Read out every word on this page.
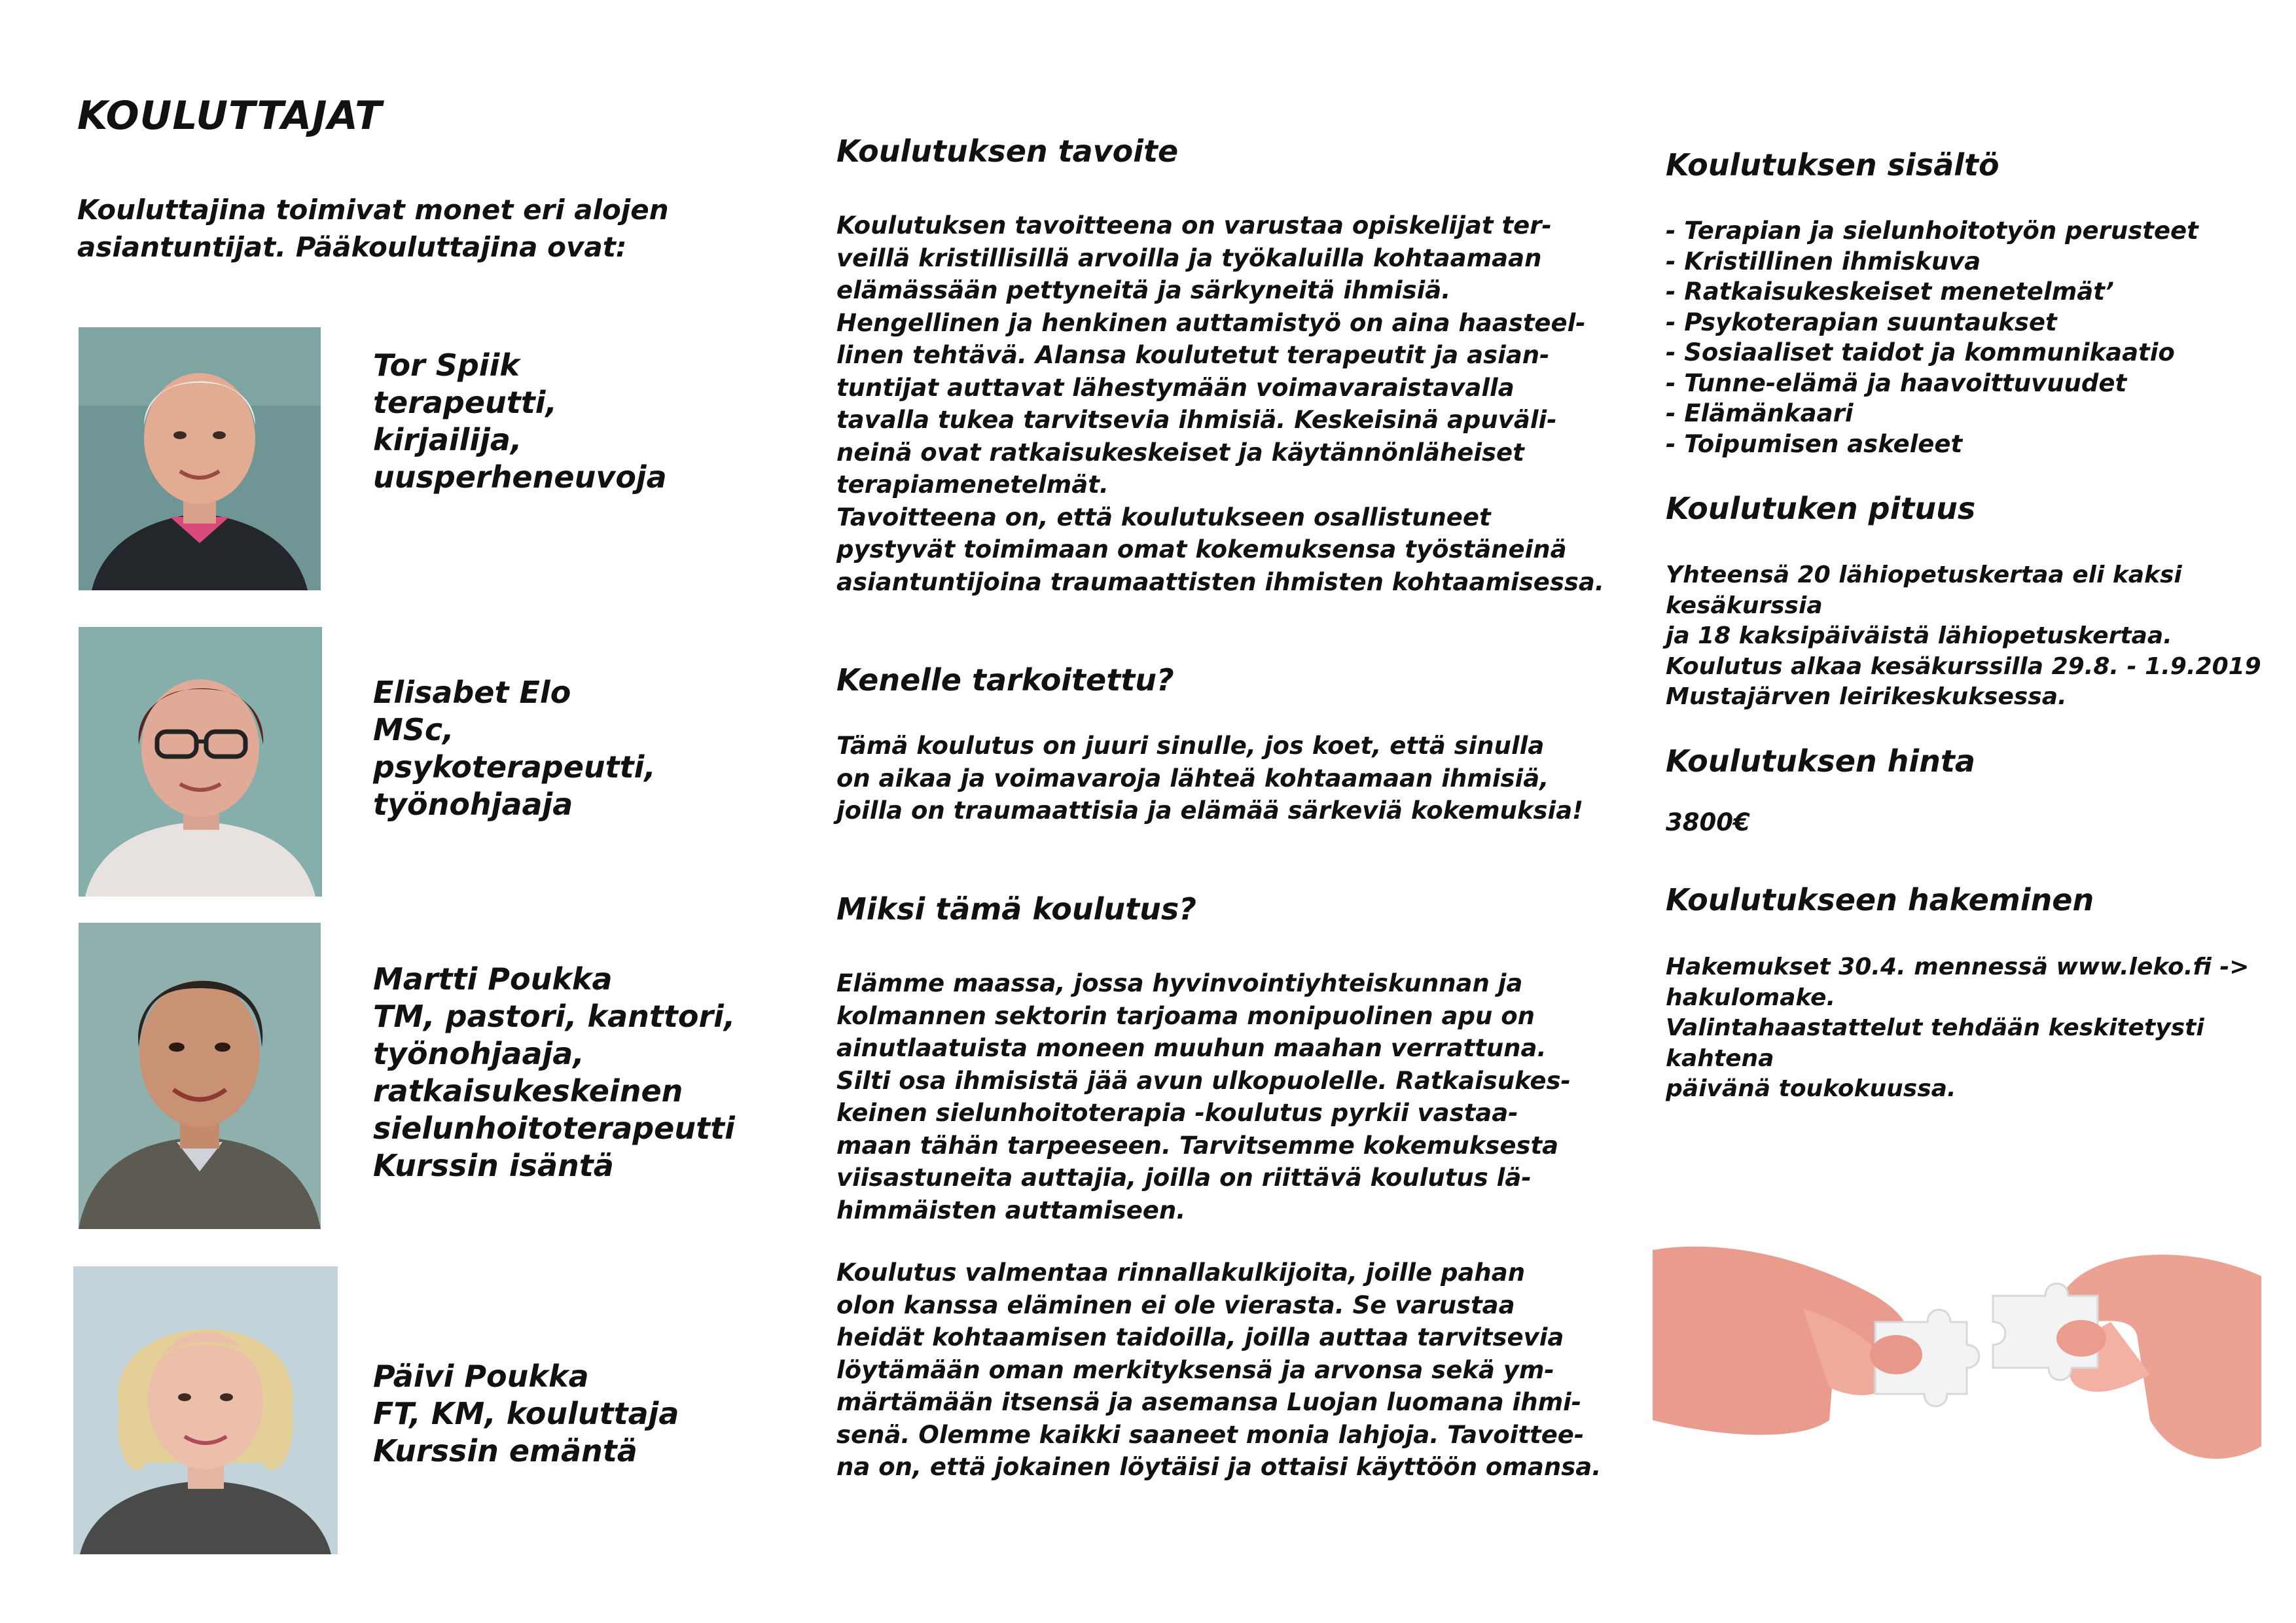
KOULUTTAJAT
Kouluttajina toimivat monet eri alojen
asiantuntijat. Pääkouluttajina ovat:
Tor Spiik
terapeutti,
kirjailija,
uusperheneuvoja
Elisabet Elo
MSc,
psykoterapeutti,
työnohjaaja
Martti Poukka
TM, pastori, kanttori,
työnohjaaja,
ratkaisukeskeinen
sielunhoitoterapeutti
Kurssin isäntä
Päivi Poukka
FT, KM, kouluttaja
Kurssin emäntä
Koulutuksen tavoite
Koulutuksen tavoitteena on varustaa opiskelijat ter-
veillä kristillisillä arvoilla ja työkaluilla kohtaamaan
elämässään pettyneitä ja särkyneitä ihmisiä.
Hengellinen ja henkinen auttamistyö on aina haasteel-
linen tehtävä. Alansa koulutetut terapeutit ja asian-
tuntijat auttavat lähestymään voimavaraistavalla
tavalla tukea tarvitsevia ihmisiä. Keskeisinä apuväli-
neinä ovat ratkaisukeskeiset ja käytännönläheiset
terapiamenetelmät.
Tavoitteena on, että koulutukseen osallistuneet
pystyvät toimimaan omat kokemuksensa työstäneinä
asiantuntijoina traumaattisten ihmisten kohtaamisessa.
Kenelle tarkoitettu?
Tämä koulutus on juuri sinulle, jos koet, että sinulla
on aikaa ja voimavaroja lähteä kohtaamaan ihmisiä,
joilla on traumaattisia ja elämää särkeviä kokemuksia!
Miksi tämä koulutus?
Elämme maassa, jossa hyvinvointiyhteiskunnan ja
kolmannen sektorin tarjoama monipuolinen apu on
ainutlaatuista moneen muuhun maahan verrattuna.
Silti osa ihmisistä jää avun ulkopuolelle. Ratkaisukes-
keinen sielunhoitoterapia -koulutus pyrkii vastaa-
maan tähän tarpeeseen. Tarvitsemme kokemuksesta
viisastuneita auttajia, joilla on riittävä koulutus lä-
himmäisten auttamiseen.
Koulutus valmentaa rinnallakulkijoita, joille pahan
olon kanssa eläminen ei ole vierasta. Se varustaa
heidät kohtaamisen taidoilla, joilla auttaa tarvitsevia
löytämään oman merkityksensä ja arvonsa sekä ym-
märtämään itsensä ja asemansa Luojan luomana ihmi-
senä. Olemme kaikki saaneet monia lahjoja. Tavoittee-
na on, että jokainen löytäisi ja ottaisi käyttöön omansa.
Koulutuksen sisältö
- Terapian ja sielunhoitotyön perusteet
- Kristillinen ihmiskuva
- Ratkaisukeskeiset menetelmät’
- Psykoterapian suuntaukset
- Sosiaaliset taidot ja kommunikaatio
- Tunne-elämä ja haavoittuvuudet
- Elämänkaari
- Toipumisen askeleet
Koulutuken pituus
Yhteensä 20 lähiopetuskertaa eli kaksi kesäkurssia
ja 18 kaksipäiväistä lähiopetuskertaa.
Koulutus alkaa kesäkurssilla 29.8. - 1.9.2019
Mustajärven leirikeskuksessa.
Koulutuksen hinta
3800€
Koulutukseen hakeminen
Hakemukset 30.4. mennessä www.leko.fi ->
hakulomake.
Valintahaastattelut tehdään keskitetysti kahtena
päivänä toukokuussa.
